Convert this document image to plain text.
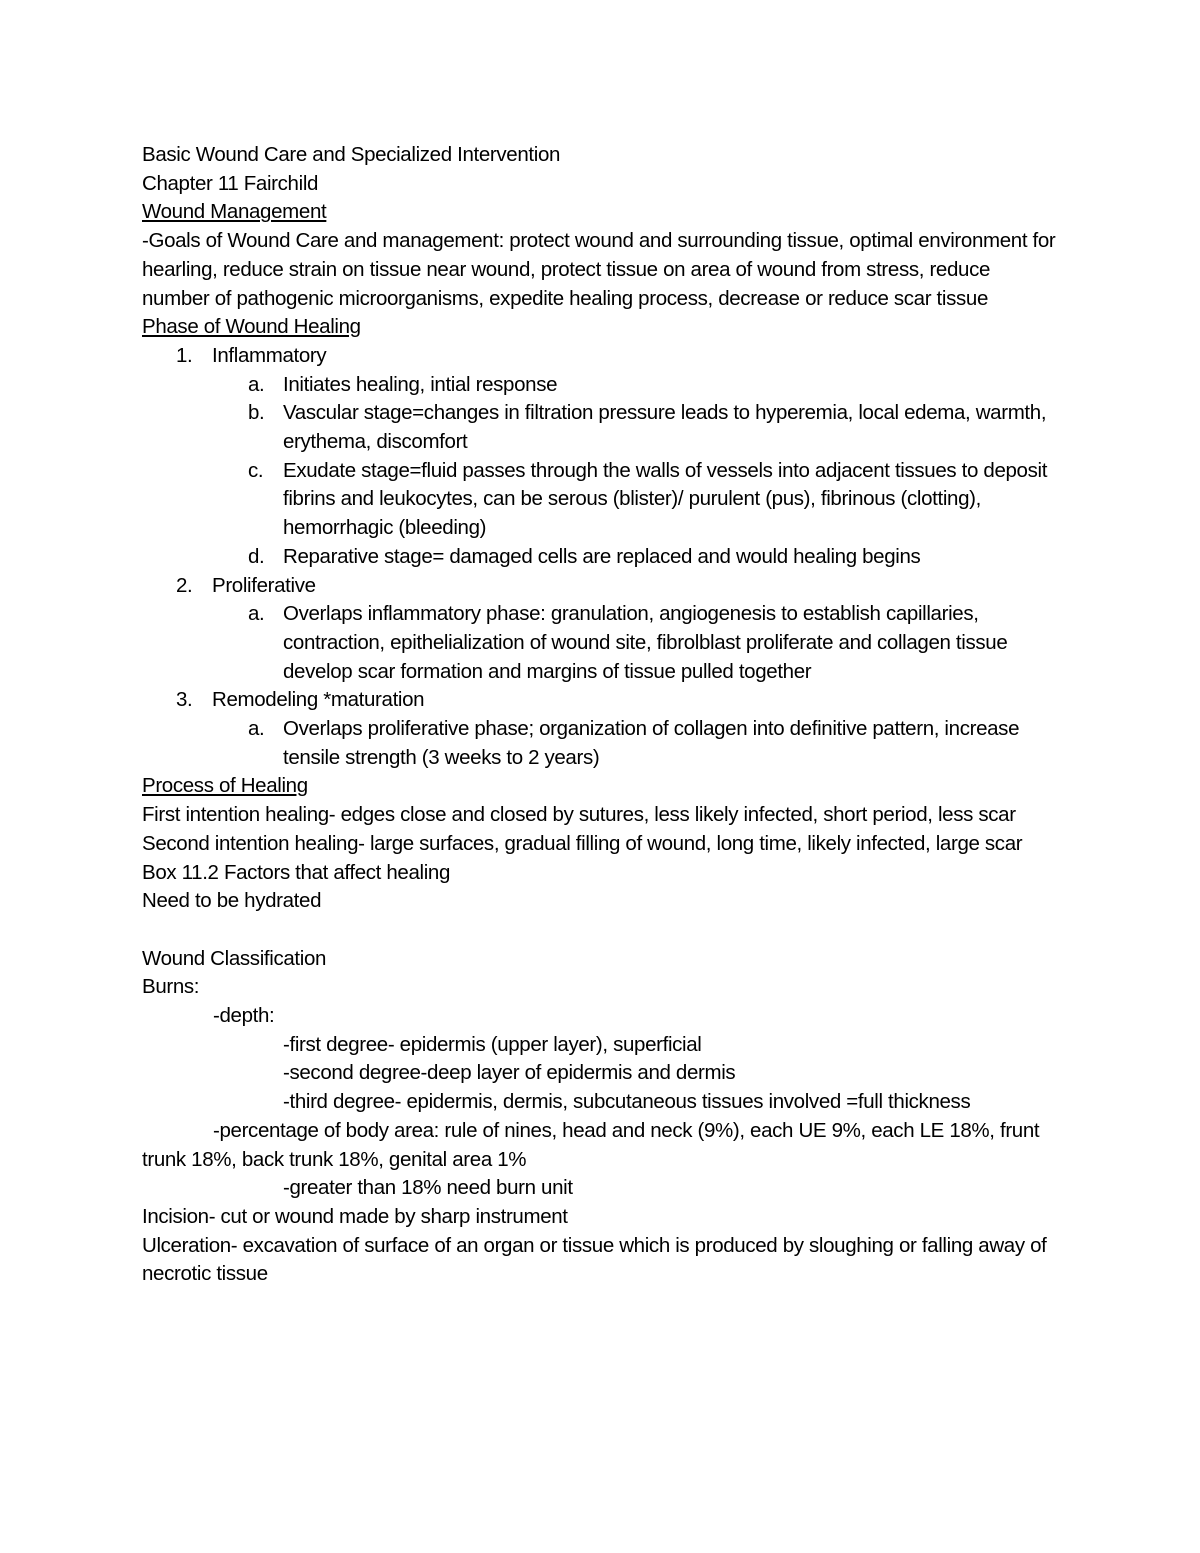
Basic Wound Care and Specialized Intervention

Chapter 11 Fairchild

Wound Management

-Goals of Wound Care and management: protect wound and surrounding tissue, optimal environment for hearling, reduce strain on tissue near wound, protect tissue on area of wound from stress, reduce number of pathogenic microorganisms, expedite healing process, decrease or reduce scar tissue

Phase of Wound Healing

1. Inflammatory
a. Initiates healing, intial response
b. Vascular stage=changes in filtration pressure leads to hyperemia, local edema, warmth, erythema, discomfort
c. Exudate stage=fluid passes through the walls of vessels into adjacent tissues to deposit fibrins and leukocytes, can be serous (blister)/ purulent (pus), fibrinous (clotting), hemorrhagic (bleeding)
d. Reparative stage= damaged cells are replaced and would healing begins
2. Proliferative
a. Overlaps inflammatory phase: granulation, angiogenesis to establish capillaries, contraction, epithelialization of wound site, fibrolblast proliferate and collagen tissue develop scar formation and margins of tissue pulled together
3. Remodeling *maturation
a. Overlaps proliferative phase; organization of collagen into definitive pattern, increase tensile strength (3 weeks to 2 years)

Process of Healing

First intention healing- edges close and closed by sutures, less likely infected, short period, less scar

Second intention healing- large surfaces, gradual filling of wound, long time, likely infected, large scar

Box 11.2 Factors that affect healing

Need to be hydrated

Wound Classification

Burns:

-depth:

-first degree- epidermis (upper layer), superficial

-second degree-deep layer of epidermis and dermis

-third degree- epidermis, dermis, subcutaneous tissues involved =full thickness

-percentage of body area: rule of nines, head and neck (9%), each UE 9%, each LE 18%, frunt trunk 18%, back trunk 18%, genital area 1%

-greater than 18% need burn unit

Incision- cut or wound made by sharp instrument

Ulceration- excavation of surface of an organ or tissue which is produced by sloughing or falling away of necrotic tissue
